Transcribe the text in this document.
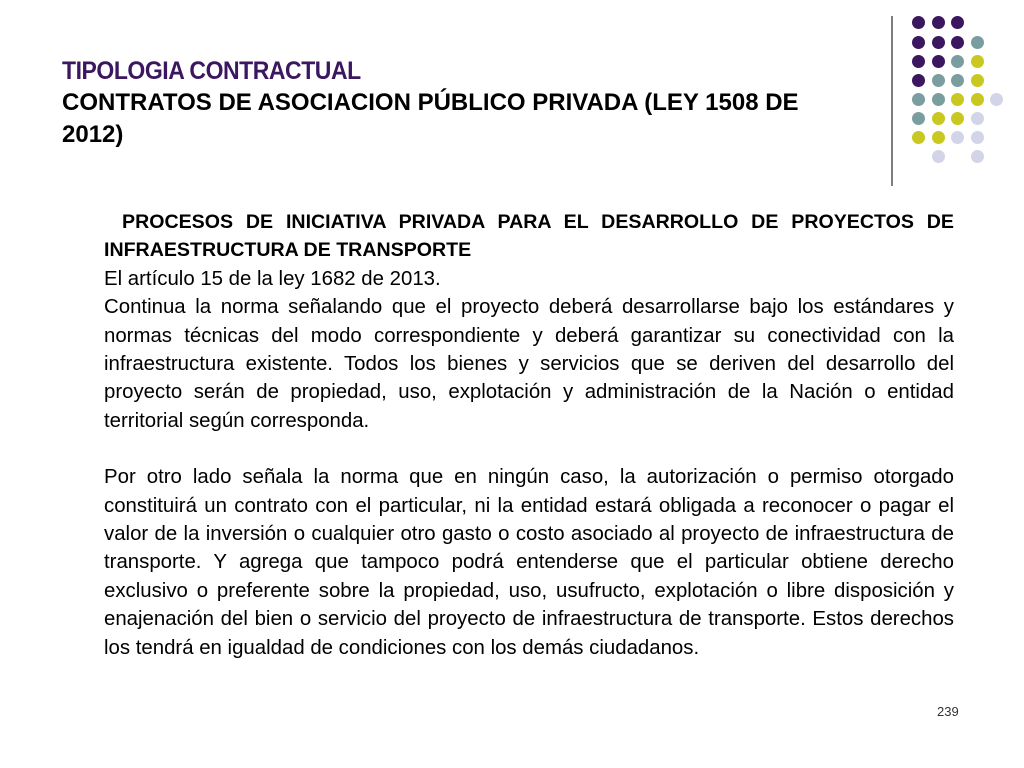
TIPOLOGIA CONTRACTUAL
CONTRATOS DE ASOCIACION PÚBLICO PRIVADA (LEY 1508 DE 2012)

PROCESOS DE INICIATIVA PRIVADA PARA EL DESARROLLO DE PROYECTOS DE INFRAESTRUCTURA DE TRANSPORTE

El artículo 15 de la ley 1682 de 2013.

Continua la norma señalando que el proyecto deberá desarrollarse bajo los estándares y normas técnicas del modo correspondiente y deberá garantizar su conectividad con la infraestructura existente. Todos los bienes y servicios que se deriven del desarrollo del proyecto serán de propiedad, uso, explotación y administración de la Nación o entidad territorial según corresponda.

Por otro lado señala la norma que en ningún caso, la autorización o permiso otorgado constituirá un contrato con el particular, ni la entidad estará obligada a reconocer o pagar el valor de la inversión o cualquier otro gasto o costo asociado al proyecto de infraestructura de transporte. Y agrega que tampoco podrá entenderse que el particular obtiene derecho exclusivo o preferente sobre la propiedad, uso, usufructo, explotación o libre disposición y enajenación del bien o servicio del proyecto de infraestructura de transporte. Estos derechos los tendrá en igualdad de condiciones con los demás ciudadanos.

239
